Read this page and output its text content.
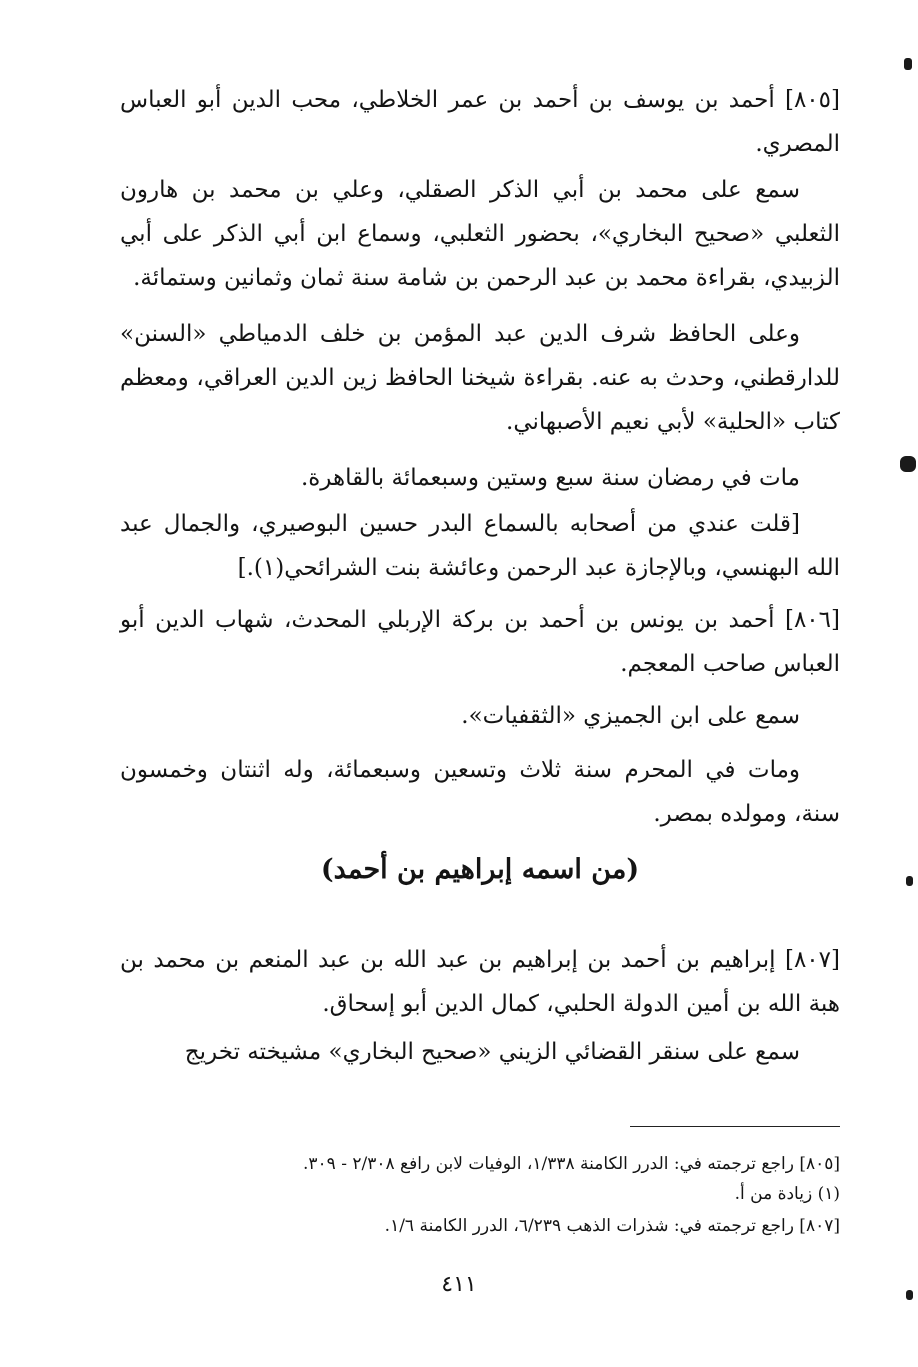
[٨٠٥] أحمد بن يوسف بن أحمد بن عمر الخلاطي، محب الدين أبو العباس المصري.

سمع على محمد بن أبي الذكر الصقلي، وعلي بن محمد بن هارون الثعلبي «صحيح البخاري»، بحضور الثعلبي، وسماع ابن أبي الذكر على أبي الزبيدي، بقراءة محمد بن عبد الرحمن بن شامة سنة ثمان وثمانين وستمائة.

وعلى الحافظ شرف الدين عبد المؤمن بن خلف الدمياطي «السنن» للدارقطني، وحدث به عنه. بقراءة شيخنا الحافظ زين الدين العراقي، ومعظم كتاب «الحلية» لأبي نعيم الأصبهاني.

مات في رمضان سنة سبع وستين وسبعمائة بالقاهرة.

[قلت عندي من أصحابه بالسماع البدر حسين البوصيري، والجمال عبد الله البهنسي، وبالإجازة عبد الرحمن وعائشة بنت الشرائحي(١).]

[٨٠٦] أحمد بن يونس بن أحمد بن بركة الإربلي المحدث، شهاب الدين أبو العباس صاحب المعجم.

سمع على ابن الجميزي «الثقفيات».

ومات في المحرم سنة ثلاث وتسعين وسبعمائة، وله اثنتان وخمسون سنة، ومولده بمصر.

(من اسمه إبراهيم بن أحمد)

[٨٠٧] إبراهيم بن أحمد بن إبراهيم بن عبد الله بن عبد المنعم بن محمد بن هبة الله بن أمين الدولة الحلبي، كمال الدين أبو إسحاق.

سمع على سنقر القضائي الزيني «صحيح البخاري» مشيخته تخريج

[٨٠٥] راجع ترجمته في: الدرر الكامنة ١/٣٣٨، الوفيات لابن رافع ٢/٣٠٨ - ٣٠٩.

(١) زيادة من أ.

[٨٠٧] راجع ترجمته في: شذرات الذهب ٦/٢٣٩، الدرر الكامنة ١/٦.

٤١١
